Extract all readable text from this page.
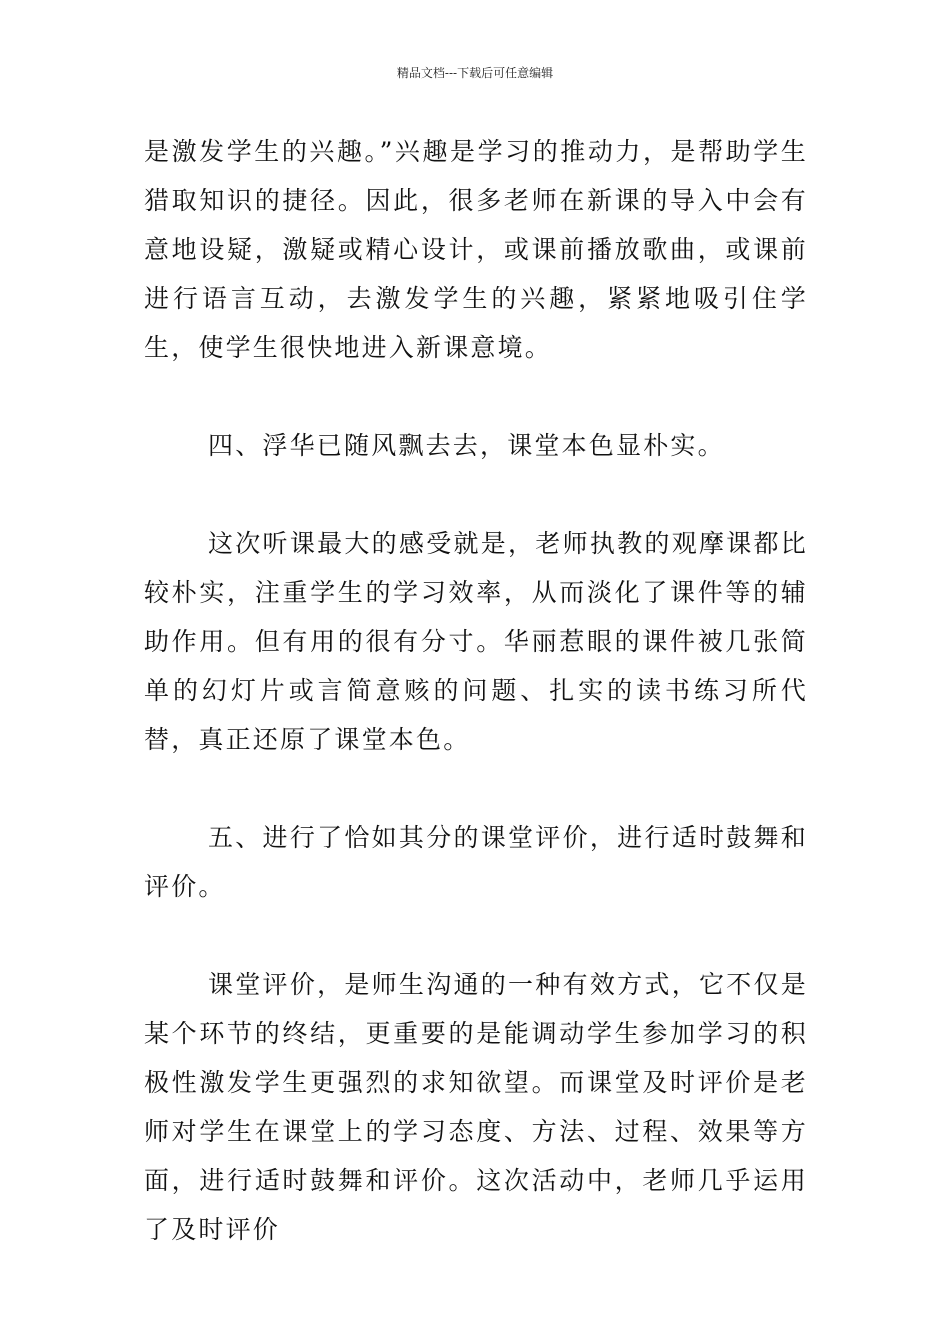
精品文档---下载后可任意编辑

是激发学生的兴趣。”兴趣是学习的推动力，是帮助学生猎取知识的捷径。因此，很多老师在新课的导入中会有意地设疑，激疑或精心设计，或课前播放歌曲，或课前进行语言互动，去激发学生的兴趣，紧紧地吸引住学生，使学生很快地进入新课意境。

四、浮华已随风飘去去，课堂本色显朴实。

这次听课最大的感受就是，老师执教的观摩课都比较朴实，注重学生的学习效率，从而淡化了课件等的辅助作用。但有用的很有分寸。华丽惹眼的课件被几张简单的幻灯片或言简意赅的问题、扎实的读书练习所代替，真正还原了课堂本色。

五、进行了恰如其分的课堂评价，进行适时鼓舞和评价。

课堂评价，是师生沟通的一种有效方式，它不仅是某个环节的终结，更重要的是能调动学生参加学习的积极性激发学生更强烈的求知欲望。而课堂及时评价是老师对学生在课堂上的学习态度、方法、过程、效果等方面，进行适时鼓舞和评价。这次活动中，老师几乎运用了及时评价
